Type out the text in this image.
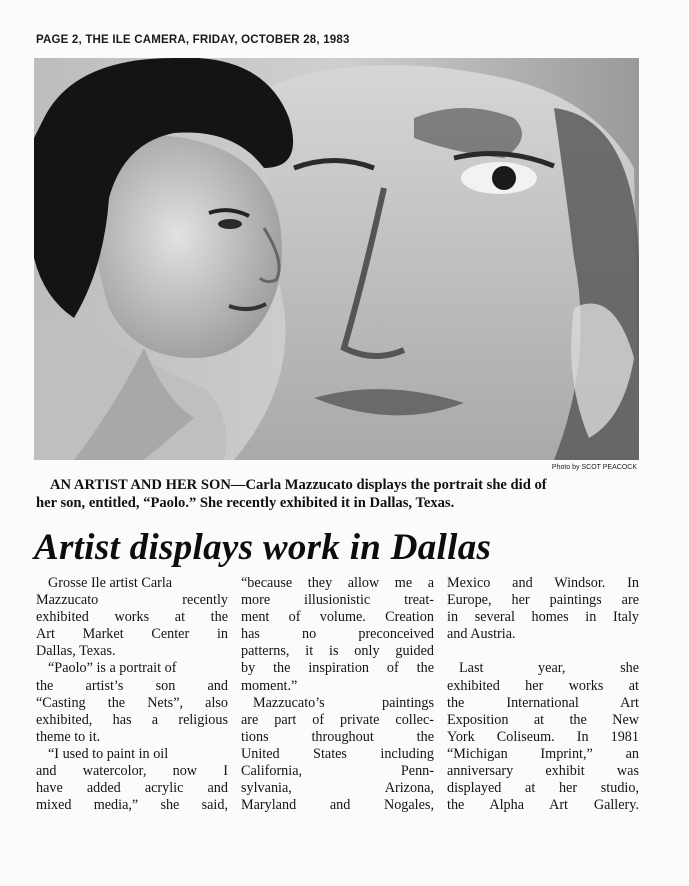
PAGE 2, THE ILE CAMERA, FRIDAY, OCTOBER 28, 1983
Photo by SCOT PEACOCK
AN ARTIST AND HER SON—Carla Mazzucato displays the portrait she did of
her son, entitled, “Paolo.” She recently exhibited it in Dallas, Texas.
Artist displays work in Dallas
Grosse Ile artist Carla
Mazzucato recently
exhibited works at the
Art Market Center in
Dallas, Texas.
“Paolo” is a portrait of
the artist’s son and
“Casting the Nets”, also
exhibited, has a religious
theme to it.
“I used to paint in oil
and watercolor, now I
have added acrylic and
mixed media,” she said,
“because they allow me a
more illusionistic treat-
ment of volume. Creation
has no preconceived
patterns, it is only guided
by the inspiration of the
moment.”
Mazzucato’s paintings
are part of private collec-
tions throughout the
United States including
California, Penn-
sylvania, Arizona,
Maryland and Nogales,
Mexico and Windsor. In
Europe, her paintings are
in several homes in Italy
and Austria.
Last year, she
exhibited her works at
the International Art
Exposition at the New
York Coliseum. In 1981
“Michigan Imprint,” an
anniversary exhibit was
displayed at her studio,
the Alpha Art Gallery.
